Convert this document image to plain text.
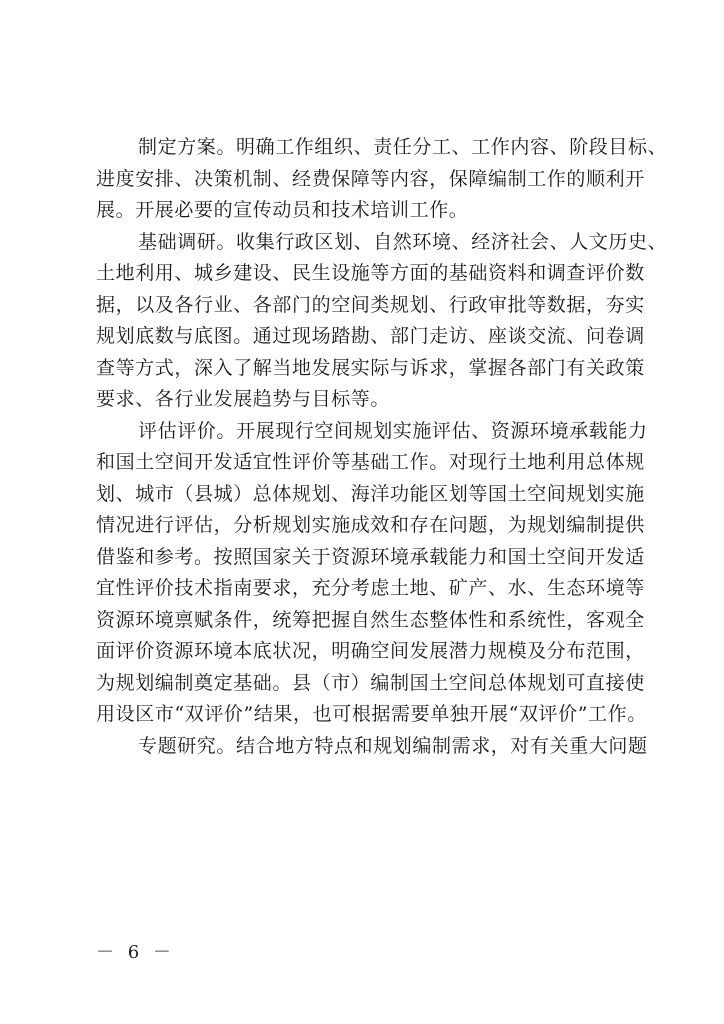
制定方案。明确工作组织、责任分工、工作内容、阶段目标、
进度安排、决策机制、经费保障等内容，保障编制工作的顺利开
展。开展必要的宣传动员和技术培训工作。
基础调研。收集行政区划、自然环境、经济社会、人文历史、
土地利用、城乡建设、民生设施等方面的基础资料和调查评价数
据，以及各行业、各部门的空间类规划、行政审批等数据，夯实
规划底数与底图。通过现场踏勘、部门走访、座谈交流、问卷调
查等方式，深入了解当地发展实际与诉求，掌握各部门有关政策
要求、各行业发展趋势与目标等。
评估评价。开展现行空间规划实施评估、资源环境承载能力
和国土空间开发适宜性评价等基础工作。对现行土地利用总体规
划、城市（县城）总体规划、海洋功能区划等国土空间规划实施
情况进行评估，分析规划实施成效和存在问题，为规划编制提供
借鉴和参考。按照国家关于资源环境承载能力和国土空间开发适
宜性评价技术指南要求，充分考虑土地、矿产、水、生态环境等
资源环境禀赋条件，统筹把握自然生态整体性和系统性，客观全
面评价资源环境本底状况，明确空间发展潜力规模及分布范围，
为规划编制奠定基础。县（市）编制国土空间总体规划可直接使
用设区市“双评价”结果，也可根据需要单独开展“双评价”工作。
专题研究。结合地方特点和规划编制需求，对有关重大问题
－ 6 －
